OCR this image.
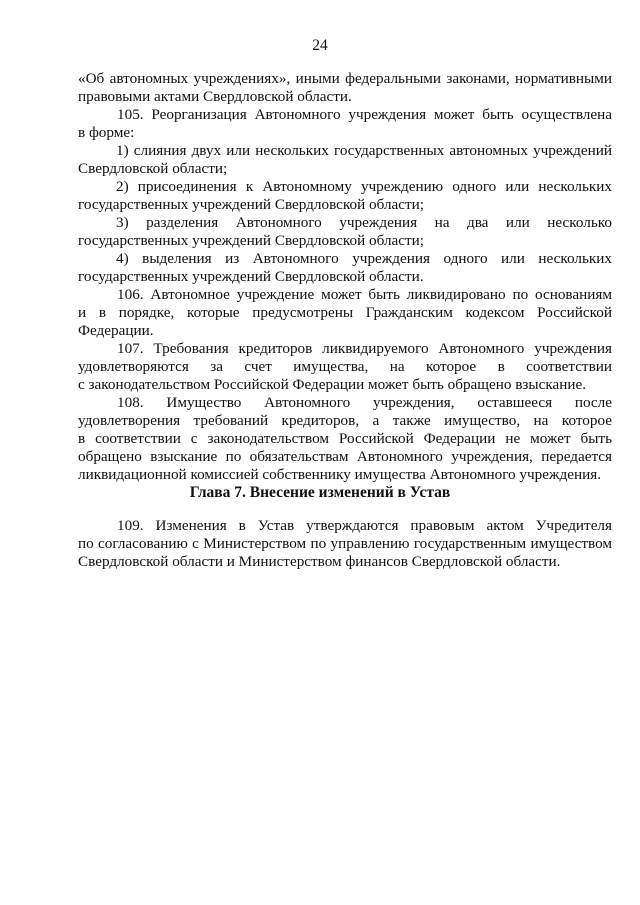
24
«Об автономных учреждениях», иными федеральными законами, нормативными
правовыми актами Свердловской области.
105. Реорганизация Автономного учреждения может быть осуществлена
в форме:
1) слияния двух или нескольких государственных автономных учреждений
Свердловской области;
2) присоединения к Автономному учреждению одного или нескольких
государственных учреждений Свердловской области;
3) разделения Автономного учреждения на два или несколько
государственных учреждений Свердловской области;
4) выделения из Автономного учреждения одного или нескольких
государственных учреждений Свердловской области.
106. Автономное учреждение может быть ликвидировано по основаниям
и в порядке, которые предусмотрены Гражданским кодексом Российской
Федерации.
107. Требования кредиторов ликвидируемого Автономного учреждения
удовлетворяются за счет имущества, на которое в соответствии
с законодательством Российской Федерации может быть обращено взыскание.
108. Имущество Автономного учреждения, оставшееся после
удовлетворения требований кредиторов, а также имущество, на которое
в соответствии с законодательством Российской Федерации не может быть
обращено взыскание по обязательствам Автономного учреждения, передается
ликвидационной комиссией собственнику имущества Автономного учреждения.
Глава 7. Внесение изменений в Устав
109. Изменения в Устав утверждаются правовым актом Учредителя
по согласованию с Министерством по управлению государственным имуществом
Свердловской области и Министерством финансов Свердловской области.
